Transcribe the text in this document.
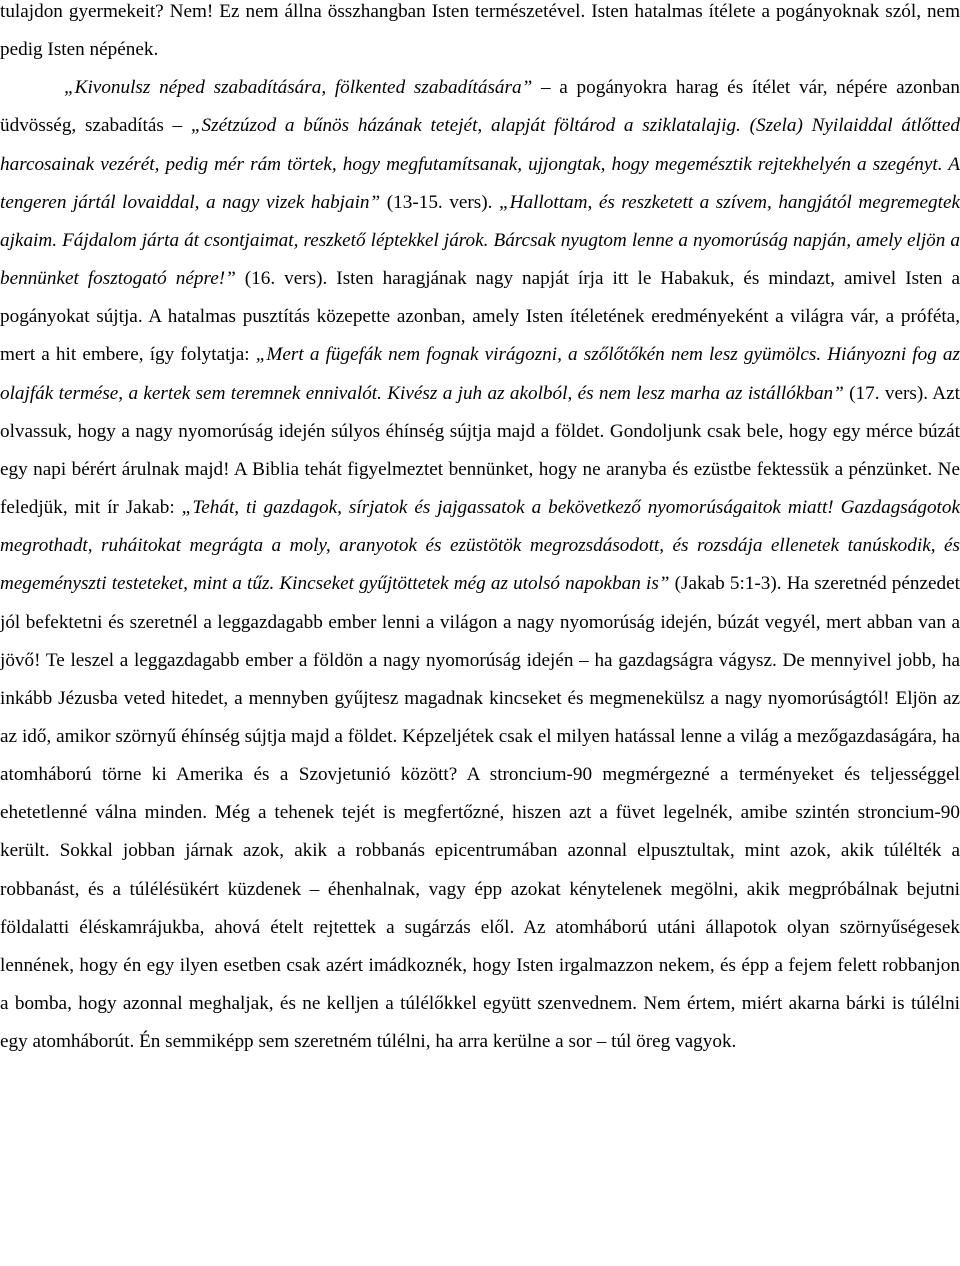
tulajdon gyermekeit? Nem! Ez nem állna összhangban Isten természetével. Isten hatalmas ítélete a pogányoknak szól, nem pedig Isten népének.

„Kivonulsz néped szabadítására, fölkented szabadítására” – a pogányokra harag és ítélet vár, népére azonban üdvösség, szabadítás – „Szétzúzod a bűnös házának tetejét, alapját föltárod a sziklatalajig. (Szela) Nyilaiddal átlőtted harcosainak vezérét, pedig mér rám törtek, hogy megfutamítsanak, ujjongtak, hogy megemésztik rejtekhelyén a szegényt. A tengeren jártál lovaiddal, a nagy vizek habjain” (13-15. vers). „Hallottam, és reszketett a szívem, hangjától megremegtek ajkaim. Fájdalom járta át csontjaimat, reszkető léptekkel járok. Bárcsak nyugtom lenne a nyomorúság napján, amely eljön a bennünket fosztogató népre!” (16. vers). Isten haragjának nagy napját írja itt le Habakuk, és mindazt, amivel Isten a pogányokat sújtja. A hatalmas pusztítás közepette azonban, amely Isten ítéletének eredményeként a világra vár, a próféta, mert a hit embere, így folytatja: „Mert a fügefák nem fognak virágozni, a szőlőtőkén nem lesz gyümölcs. Hiányozni fog az olajfák termése, a kertek sem teremnek ennivalót. Kivész a juh az akolból, és nem lesz marha az istállókban” (17. vers). Azt olvassuk, hogy a nagy nyomorúság idején súlyos éhínség sújtja majd a földet. Gondoljunk csak bele, hogy egy mérce búzát egy napi bérért árulnak majd! A Biblia tehát figyelmeztet bennünket, hogy ne aranyba és ezüstbe fektessük a pénzünket. Ne feledjük, mit ír Jakab: „Tehát, ti gazdagok, sírjatok és jajgassatok a bekövetkező nyomorúságaitok miatt! Gazdagságotok megrothadt, ruháitokat megrágta a moly, aranyotok és ezüstötök megrozsdásodott, és rozsdája ellenetek tanúskodik, és megeményszti testeteket, mint a tűz. Kincseket gyűjtöttetek még az utolsó napokban is” (Jakab 5:1-3). Ha szeretnéd pénzedet jól befektetni és szeretnél a leggazdagabb ember lenni a világon a nagy nyomorúság idején, búzát vegyél, mert abban van a jövő! Te leszel a leggazdagabb ember a földön a nagy nyomorúság idején – ha gazdagságra vágysz. De mennyivel jobb, ha inkább Jézusba veted hitedet, a mennyben gyűjtesz magadnak kincseket és megmenekülsz a nagy nyomorúságtól! Eljön az az idő, amikor szörnyű éhínség sújtja majd a földet. Képzeljétek csak el milyen hatással lenne a világ a mezőgazdaságára, ha atomháború törne ki Amerika és a Szovjetunió között? A stroncium-90 megmérgezné a terményeket és teljességgel ehetetlenné válna minden. Még a tehenek tejét is megfertőzné, hiszen azt a füvet legelnék, amibe szintén stroncium-90 került. Sokkal jobban járnak azok, akik a robbanás epicentrumában azonnal elpusztultak, mint azok, akik túlélték a robbanást, és a túlélésükért küzdenek – éhenhalnak, vagy épp azokat kénytelenek megölni, akik megpróbálnak bejutni földalatti éléskamrájukba, ahová ételt rejtettek a sugárzás elől. Az atomháború utáni állapotok olyan szörnyűségesek lennének, hogy én egy ilyen esetben csak azért imádkoznék, hogy Isten irgalmazzon nekem, és épp a fejem felett robbanjon a bomba, hogy azonnal meghaljak, és ne kelljen a túlélőkkel együtt szenvednem. Nem értem, miért akarna bárki is túlélni egy atomháborút. Én semmiképp sem szeretném túlélni, ha arra kerülne a sor – túl öreg vagyok.
